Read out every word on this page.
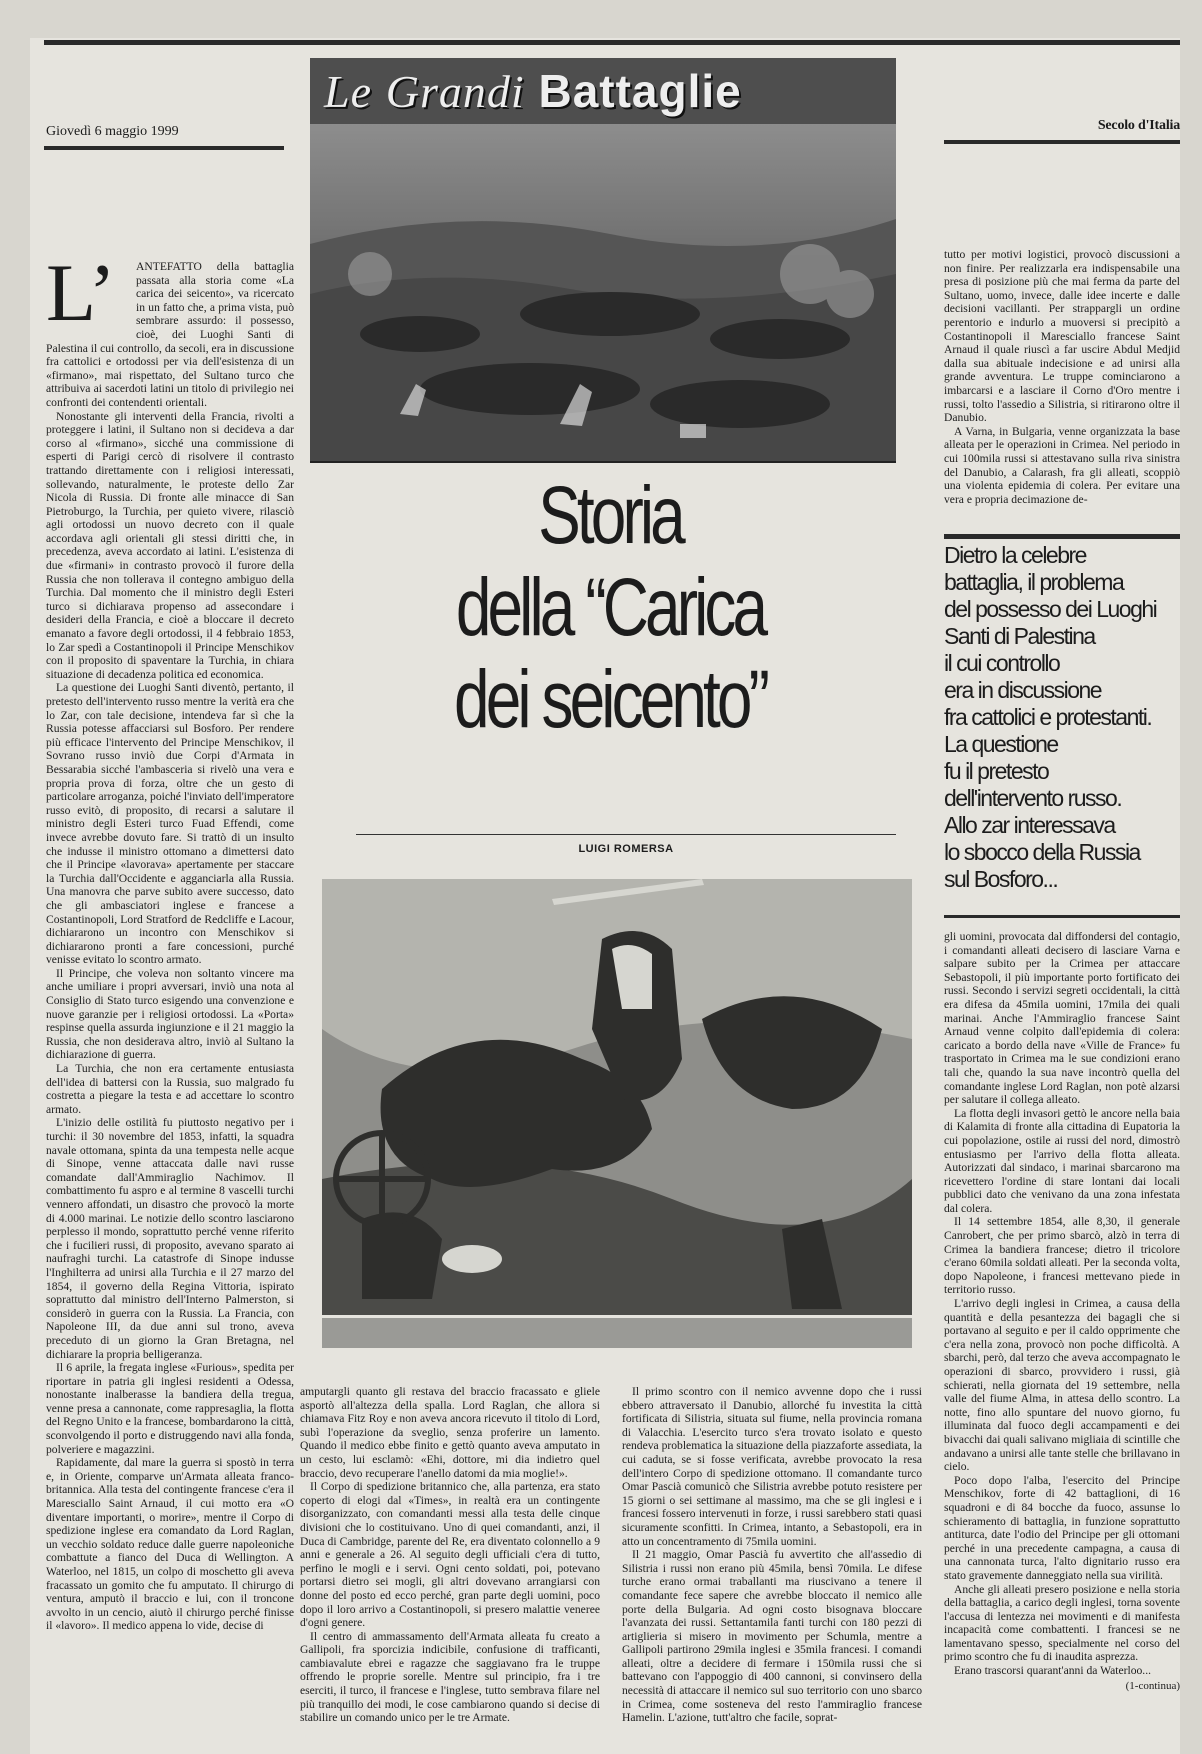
Giovedì 6 maggio 1999	Secolo d'Italia
Le Grandi Battaglie
Storia
della “Carica
dei seicento”
LUIGI ROMERSA
Dietro la celebre
battaglia, il problema
del possesso dei Luoghi
Santi di Palestina
il cui controllo
era in discussione
fra cattolici e protestanti.
La questione
fu il pretesto
dell'intervento russo.
Allo zar interessava
lo sbocco della Russia
sul Bosforo...
L’	ANTEFATTO della battaglia passata alla storia come «La carica dei seicento», va ricercato in un fatto che, a prima vista, può sembrare assurdo: il possesso, cioè, dei Luoghi Santi di Palestina il cui controllo, da secoli, era in discussione fra cattolici e ortodossi per via dell'esistenza di un «firmano», mai rispettato, del Sultano turco che attribuiva ai sacerdoti latini un titolo di privilegio nei confronti dei contendenti orientali.

Nonostante gli interventi della Francia, rivolti a proteggere i latini, il Sultano non si decideva a dar corso al «firmano», sicché una commissione di esperti di Parigi cercò di risolvere il contrasto trattando direttamente con i religiosi interessati, sollevando, naturalmente, le proteste dello Zar Nicola di Russia. Di fronte alle minacce di San Pietroburgo, la Turchia, per quieto vivere, rilasciò agli ortodossi un nuovo decreto con il quale accordava agli orientali gli stessi diritti che, in precedenza, aveva accordato ai latini. L'esistenza di due «firmani» in contrasto provocò il furore della Russia che non tollerava il contegno ambiguo della Turchia. Dal momento che il ministro degli Esteri turco si dichiarava propenso ad assecondare i desideri della Francia, e cioè a bloccare il decreto emanato a favore degli ortodossi, il 4 febbraio 1853, lo Zar spedì a Costantinopoli il Principe Menschikov con il proposito di spaventare la Turchia, in chiara situazione di decadenza politica ed economica.

La questione dei Luoghi Santi diventò, pertanto, il pretesto dell'intervento russo mentre la verità era che lo Zar, con tale decisione, intendeva far sì che la Russia potesse affacciarsi sul Bosforo. Per rendere più efficace l'intervento del Principe Menschikov, il Sovrano russo inviò due Corpi d'Armata in Bessarabia sicché l'ambasceria si rivelò una vera e propria prova di forza, oltre che un gesto di particolare arroganza, poiché l'inviato dell'imperatore russo evitò, di proposito, di recarsi a salutare il ministro degli Esteri turco Fuad Effendi, come invece avrebbe dovuto fare. Si trattò di un insulto che indusse il ministro ottomano a dimettersi dato che il Principe «lavorava» apertamente per staccare la Turchia dall'Occidente e agganciarla alla Russia. Una manovra che parve subito avere successo, dato che gli ambasciatori inglese e francese a Costantinopoli, Lord Stratford de Redcliffe e Lacour, dichiararono un incontro con Menschikov si dichiararono pronti a fare concessioni, purché venisse evitato lo scontro armato.

Il Principe, che voleva non soltanto vincere ma anche umiliare i propri avversari, inviò una nota al Consiglio di Stato turco esigendo una convenzione e nuove garanzie per i religiosi ortodossi. La «Porta» respinse quella assurda ingiunzione e il 21 maggio la Russia, che non desiderava altro, inviò al Sultano la dichiarazione di guerra.

La Turchia, che non era certamente entusiasta dell'idea di battersi con la Russia, suo malgrado fu costretta a piegare la testa e ad accettare lo scontro armato.

L'inizio delle ostilità fu piuttosto negativo per i turchi: il 30 novembre del 1853, infatti, la squadra navale ottomana, spinta da una tempesta nelle acque di Sinope, venne attaccata dalle navi russe comandate dall'Ammiraglio Nachimov. Il combattimento fu aspro e al termine 8 vascelli turchi vennero affondati, un disastro che provocò la morte di 4.000 marinai. Le notizie dello scontro lasciarono perplesso il mondo, soprattutto perché venne riferito che i fucilieri russi, di proposito, avevano sparato ai naufraghi turchi. La catastrofe di Sinope indusse l'Inghilterra ad unirsi alla Turchia e il 27 marzo del 1854, il governo della Regina Vittoria, ispirato soprattutto dal ministro dell'Interno Palmerston, si considerò in guerra con la Russia. La Francia, con Napoleone III, da due anni sul trono, aveva preceduto di un giorno la Gran Bretagna, nel dichiarare la propria belligeranza.

Il 6 aprile, la fregata inglese «Furious», spedita per riportare in patria gli inglesi residenti a Odessa, nonostante inalberasse la bandiera della tregua, venne presa a cannonate, come rappresaglia, la flotta del Regno Unito e la francese, bombardarono la città, sconvolgendo il porto e distruggendo navi alla fonda, polveriere e magazzini.

Rapidamente, dal mare la guerra si spostò in terra e, in Oriente, comparve un'Armata alleata franco-britannica. Alla testa del contingente francese c'era il Maresciallo Saint Arnaud, il cui motto era «O diventare importanti, o morire», mentre il Corpo di spedizione inglese era comandato da Lord Raglan, un vecchio soldato reduce dalle guerre napoleoniche combattute a fianco del Duca di Wellington. A Waterloo, nel 1815, un colpo di moschetto gli aveva fracassato un gomito che fu amputato. Il chirurgo di ventura, amputò il braccio e lui, con il troncone avvolto in un cencio, aiutò il chirurgo perché finisse il «lavoro». Il medico appena lo vide, decise di

amputargli quanto gli restava del braccio fracassato e gliele asportò all'altezza della spalla. Lord Raglan, che allora si chiamava Fitz Roy e non aveva ancora ricevuto il titolo di Lord, subì l'operazione da sveglio, senza proferire un lamento. Quando il medico ebbe finito e gettò quanto aveva amputato in un cesto, lui esclamò: «Ehi, dottore, mi dia indietro quel braccio, devo recuperare l'anello datomi da mia moglie!».

Il Corpo di spedizione britannico che, alla partenza, era stato coperto di elogi dal «Times», in realtà era un contingente disorganizzato, con comandanti messi alla testa delle cinque divisioni che lo costituivano. Uno di quei comandanti, anzi, il Duca di Cambridge, parente del Re, era diventato colonnello a 9 anni e generale a 26. Al seguito degli ufficiali c'era di tutto, perfino le mogli e i servi. Ogni cento soldati, poi, potevano portarsi dietro sei mogli, gli altri dovevano arrangiarsi con donne del posto ed ecco perché, gran parte degli uomini, poco dopo il loro arrivo a Costantinopoli, si presero malattie veneree d'ogni genere.

Il centro di ammassamento dell'Armata alleata fu creato a Gallipoli, fra sporcizia indicibile, confusione di trafficanti, cambiavalute ebrei e ragazze che saggiavano fra le truppe offrendo le proprie sorelle. Mentre sul principio, fra i tre eserciti, il turco, il francese e l'inglese, tutto sembrava filare nel più tranquillo dei modi, le cose cambiarono quando si decise di stabilire un comando unico per le tre Armate.

Il primo scontro con il nemico avvenne dopo che i russi ebbero attraversato il Danubio, allorché fu investita la città fortificata di Silistria, situata sul fiume, nella provincia romana di Valacchia. L'esercito turco s'era trovato isolato e questo rendeva problematica la situazione della piazzaforte assediata, la cui caduta, se si fosse verificata, avrebbe provocato la resa dell'intero Corpo di spedizione ottomano. Il comandante turco Omar Pascià comunicò che Silistria avrebbe potuto resistere per 15 giorni o sei settimane al massimo, ma che se gli inglesi e i francesi fossero intervenuti in forze, i russi sarebbero stati quasi sicuramente sconfitti. In Crimea, intanto, a Sebastopoli, era in atto un concentramento di 75mila uomini.

Il 21 maggio, Omar Pascià fu avvertito che all'assedio di Silistria i russi non erano più 45mila, bensì 70mila. Le difese turche erano ormai traballanti ma riuscivano a tenere il comandante fece sapere che avrebbe bloccato il nemico alle porte della Bulgaria. Ad ogni costo bisognava bloccare l'avanzata dei russi. Settantamila fanti turchi con 180 pezzi di artiglieria si misero in movimento per Schumla, mentre a Gallipoli partirono 29mila inglesi e 35mila francesi. I comandi alleati, oltre a decidere di fermare i 150mila russi che si battevano con l'appoggio di 400 cannoni, si convinsero della necessità di attaccare il nemico sul suo territorio con uno sbarco in Crimea, come sosteneva del resto l'ammiraglio francese Hamelin. L'azione, tutt'altro che facile, soprat-

tutto per motivi logistici, provocò discussioni a non finire. Per realizzarla era indispensabile una presa di posizione più che mai ferma da parte del Sultano, uomo, invece, dalle idee incerte e dalle decisioni vacillanti. Per strappargli un ordine perentorio e indurlo a muoversi si precipitò a Costantinopoli il Maresciallo francese Saint Arnaud il quale riuscì a far uscire Abdul Medjid dalla sua abituale indecisione e ad unirsi alla grande avventura. Le truppe cominciarono a imbarcarsi e a lasciare il Corno d'Oro mentre i russi, tolto l'assedio a Silistria, si ritirarono oltre il Danubio.

A Varna, in Bulgaria, venne organizzata la base alleata per le operazioni in Crimea. Nel periodo in cui 100mila russi si attestavano sulla riva sinistra del Danubio, a Calarash, fra gli alleati, scoppiò una violenta epidemia di colera. Per evitare una vera e propria decimazione de-

gli uomini, provocata dal diffondersi del contagio, i comandanti alleati decisero di lasciare Varna e salpare subito per la Crimea per attaccare Sebastopoli, il più importante porto fortificato dei russi. Secondo i servizi segreti occidentali, la città era difesa da 45mila uomini, 17mila dei quali marinai. Anche l'Ammiraglio francese Saint Arnaud venne colpito dall'epidemia di colera: caricato a bordo della nave «Ville de France» fu trasportato in Crimea ma le sue condizioni erano tali che, quando la sua nave incontrò quella del comandante inglese Lord Raglan, non potè alzarsi per salutare il collega alleato.

La flotta degli invasori gettò le ancore nella baia di Kalamita di fronte alla cittadina di Eupatoria la cui popolazione, ostile ai russi del nord, dimostrò entusiasmo per l'arrivo della flotta alleata. Autorizzati dal sindaco, i marinai sbarcarono ma ricevettero l'ordine di stare lontani dai locali pubblici dato che venivano da una zona infestata dal colera.

Il 14 settembre 1854, alle 8,30, il generale Canrobert, che per primo sbarcò, alzò in terra di Crimea la bandiera francese; dietro il tricolore c'erano 60mila soldati alleati. Per la seconda volta, dopo Napoleone, i francesi mettevano piede in territorio russo.

L'arrivo degli inglesi in Crimea, a causa della quantità e della pesantezza dei bagagli che si portavano al seguito e per il caldo opprimente che c'era nella zona, provocò non poche difficoltà. A sbarchi, però, dal terzo che aveva accompagnato le operazioni di sbarco, provvidero i russi, già schierati, nella giornata del 19 settembre, nella valle del fiume Alma, in attesa dello scontro. La notte, fino allo spuntare del nuovo giorno, fu illuminata dal fuoco degli accampamenti e dei bivacchi dai quali salivano migliaia di scintille che andavano a unirsi alle tante stelle che brillavano in cielo.

Poco dopo l'alba, l'esercito del Principe Menschikov, forte di 42 battaglioni, di 16 squadroni e di 84 bocche da fuoco, assunse lo schieramento di battaglia, in funzione soprattutto antiturca, date l'odio del Principe per gli ottomani perché in una precedente campagna, a causa di una cannonata turca, l'alto dignitario russo era stato gravemente danneggiato nella sua virilità.

Anche gli alleati presero posizione e nella storia della battaglia, a carico degli inglesi, torna sovente l'accusa di lentezza nei movimenti e di manifesta incapacità come combattenti. I francesi se ne lamentavano spesso, specialmente nel corso del primo scontro che fu di inaudita asprezza.

Erano trascorsi quarant'anni da Waterloo...

(1-continua)
